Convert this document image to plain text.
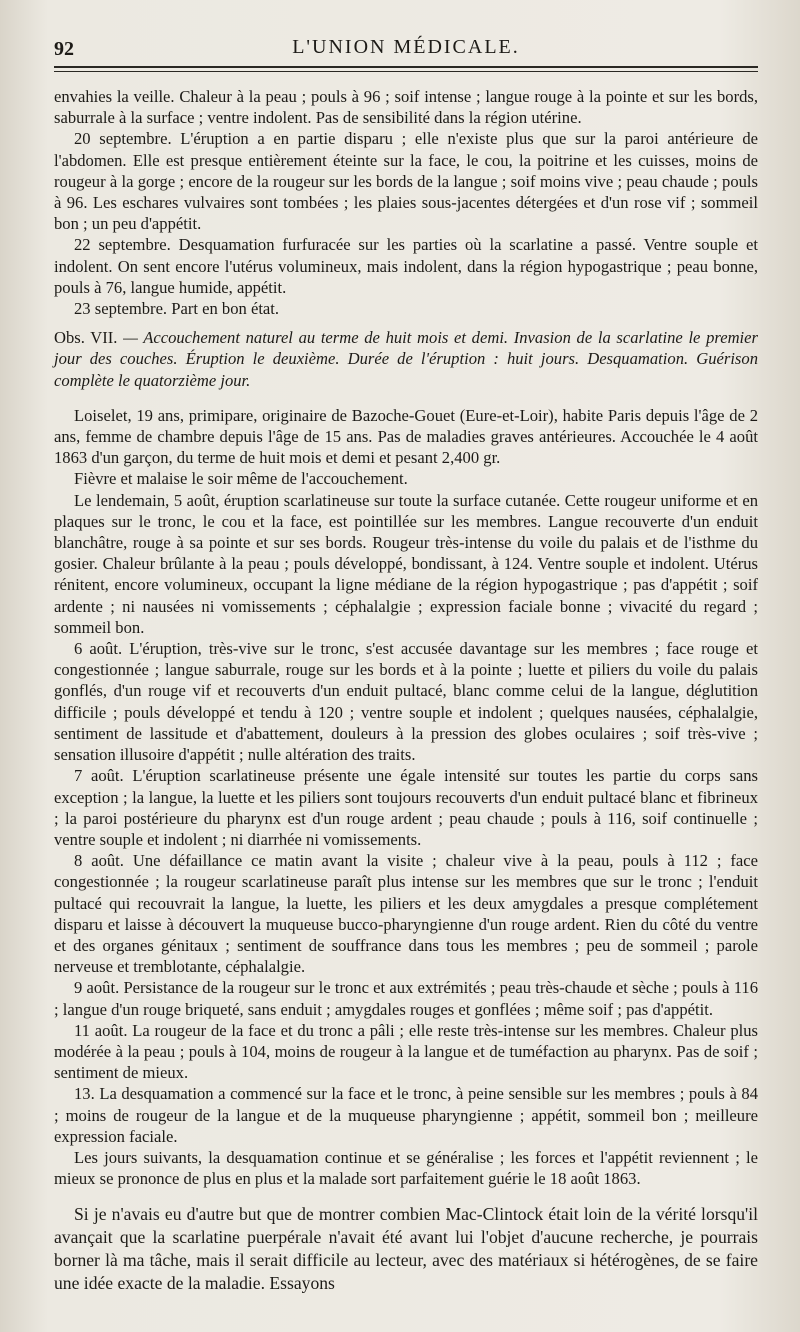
92	L'UNION MÉDICALE.

envahies la veille. Chaleur à la peau ; pouls à 96 ; soif intense ; langue rouge à la pointe et sur les bords, saburrale à la surface ; ventre indolent. Pas de sensibilité dans la région utérine.

20 septembre. L'éruption a en partie disparu ; elle n'existe plus que sur la paroi antérieure de l'abdomen. Elle est presque entièrement éteinte sur la face, le cou, la poitrine et les cuisses, moins de rougeur à la gorge ; encore de la rougeur sur les bords de la langue ; soif moins vive ; peau chaude ; pouls à 96. Les eschares vulvaires sont tombées ; les plaies sous-jacentes détergées et d'un rose vif ; sommeil bon ; un peu d'appétit.

22 septembre. Desquamation furfuracée sur les parties où la scarlatine a passé. Ventre souple et indolent. On sent encore l'utérus volumineux, mais indolent, dans la région hypogastrique ; peau bonne, pouls à 76, langue humide, appétit.

23 septembre. Part en bon état.

Obs. VII. — Accouchement naturel au terme de huit mois et demi. Invasion de la scarlatine le premier jour des couches. Éruption le deuxième. Durée de l'éruption : huit jours. Desquamation. Guérison complète le quatorzième jour.

Loiselet, 19 ans, primipare, originaire de Bazoche-Gouet (Eure-et-Loir), habite Paris depuis l'âge de 2 ans, femme de chambre depuis l'âge de 15 ans. Pas de maladies graves antérieures. Accouchée le 4 août 1863 d'un garçon, du terme de huit mois et demi et pesant 2,400 gr.

Fièvre et malaise le soir même de l'accouchement.

Le lendemain, 5 août, éruption scarlatineuse sur toute la surface cutanée. Cette rougeur uniforme et en plaques sur le tronc, le cou et la face, est pointillée sur les membres. Langue recouverte d'un enduit blanchâtre, rouge à sa pointe et sur ses bords. Rougeur très-intense du voile du palais et de l'isthme du gosier. Chaleur brûlante à la peau ; pouls développé, bondissant, à 124. Ventre souple et indolent. Utérus rénitent, encore volumineux, occupant la ligne médiane de la région hypogastrique ; pas d'appétit ; soif ardente ; ni nausées ni vomissements ; céphalalgie ; expression faciale bonne ; vivacité du regard ; sommeil bon.

6 août. L'éruption, très-vive sur le tronc, s'est accusée davantage sur les membres ; face rouge et congestionnée ; langue saburrale, rouge sur les bords et à la pointe ; luette et piliers du voile du palais gonflés, d'un rouge vif et recouverts d'un enduit pultacé, blanc comme celui de la langue, déglutition difficile ; pouls développé et tendu à 120 ; ventre souple et indolent ; quelques nausées, céphalalgie, sentiment de lassitude et d'abattement, douleurs à la pression des globes oculaires ; soif très-vive ; sensation illusoire d'appétit ; nulle altération des traits.

7 août. L'éruption scarlatineuse présente une égale intensité sur toutes les partie du corps sans exception ; la langue, la luette et les piliers sont toujours recouverts d'un enduit pultacé blanc et fibrineux ; la paroi postérieure du pharynx est d'un rouge ardent ; peau chaude ; pouls à 116, soif continuelle ; ventre souple et indolent ; ni diarrhée ni vomissements.

8 août. Une défaillance ce matin avant la visite ; chaleur vive à la peau, pouls à 112 ; face congestionnée ; la rougeur scarlatineuse paraît plus intense sur les membres que sur le tronc ; l'enduit pultacé qui recouvrait la langue, la luette, les piliers et les deux amygdales a presque complétement disparu et laisse à découvert la muqueuse bucco-pharyngienne d'un rouge ardent. Rien du côté du ventre et des organes génitaux ; sentiment de souffrance dans tous les membres ; peu de sommeil ; parole nerveuse et tremblotante, céphalalgie.

9 août. Persistance de la rougeur sur le tronc et aux extrémités ; peau très-chaude et sèche ; pouls à 116 ; langue d'un rouge briqueté, sans enduit ; amygdales rouges et gonflées ; même soif ; pas d'appétit.

11 août. La rougeur de la face et du tronc a pâli ; elle reste très-intense sur les membres. Chaleur plus modérée à la peau ; pouls à 104, moins de rougeur à la langue et de tuméfaction au pharynx. Pas de soif ; sentiment de mieux.

13. La desquamation a commencé sur la face et le tronc, à peine sensible sur les membres ; pouls à 84 ; moins de rougeur de la langue et de la muqueuse pharyngienne ; appétit, sommeil bon ; meilleure expression faciale.

Les jours suivants, la desquamation continue et se généralise ; les forces et l'appétit reviennent ; le mieux se prononce de plus en plus et la malade sort parfaitement guérie le 18 août 1863.

Si je n'avais eu d'autre but que de montrer combien Mac-Clintock était loin de la vérité lorsqu'il avançait que la scarlatine puerpérale n'avait été avant lui l'objet d'aucune recherche, je pourrais borner là ma tâche, mais il serait difficile au lecteur, avec des matériaux si hétérogènes, de se faire une idée exacte de la maladie. Essayons
